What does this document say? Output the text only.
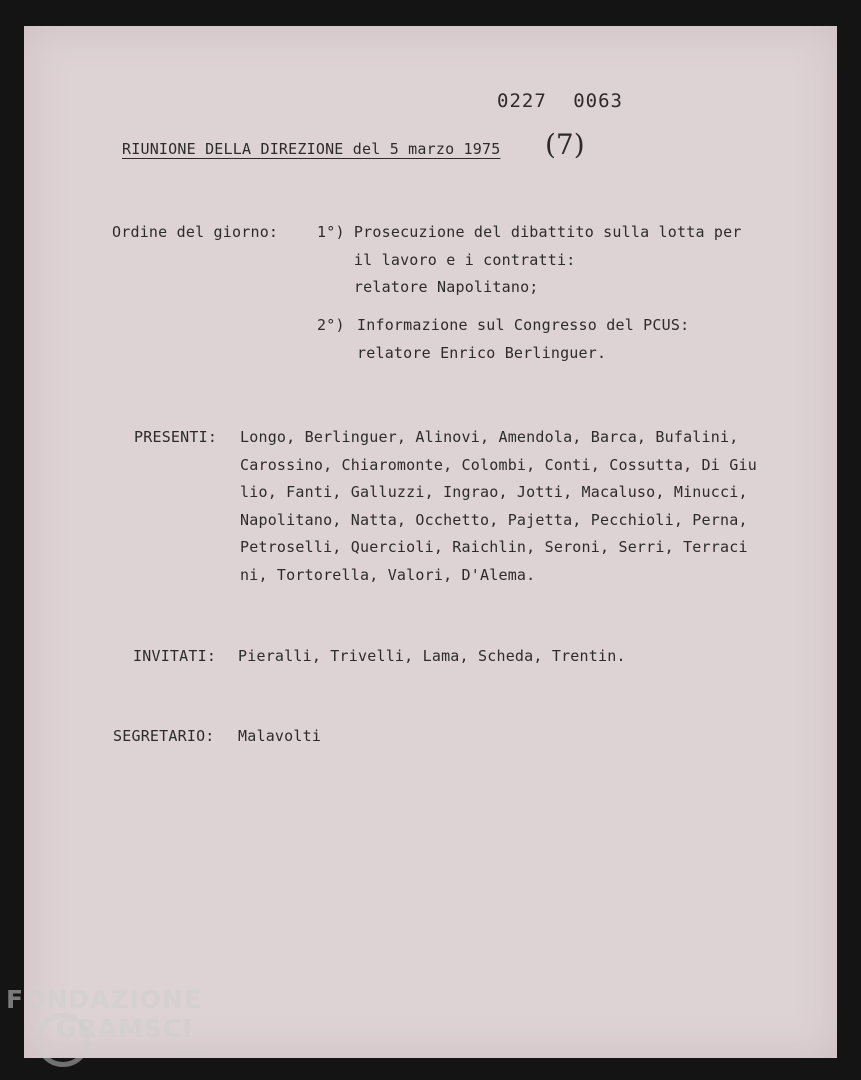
0227 0063
RIUNIONE DELLA DIREZIONE del 5 marzo 1975 (7)
Ordine del giorno:	1°) Prosecuzione del dibattito sulla lotta per
il lavoro e i contratti:
relatore Napolitano;
2°) Informazione sul Congresso del PCUS:
relatore Enrico Berlinguer.
PRESENTI: Longo, Berlinguer, Alinovi, Amendola, Barca, Bufalini,
Carossino, Chiaromonte, Colombi, Conti, Cossutta, Di Giu
lio, Fanti, Galluzzi, Ingrao, Jotti, Macaluso, Minucci,
Napolitano, Natta, Occhetto, Pajetta, Pecchioli, Perna,
Petroselli, Quercioli, Raichlin, Seroni, Serri, Terraci
ni, Tortorella, Valori, D'Alema.
INVITATI: Pieralli, Trivelli, Lama, Scheda, Trentin.
SEGRETARIO: Malavolti
FONDAZIONE
GRAMSCI
onlus
